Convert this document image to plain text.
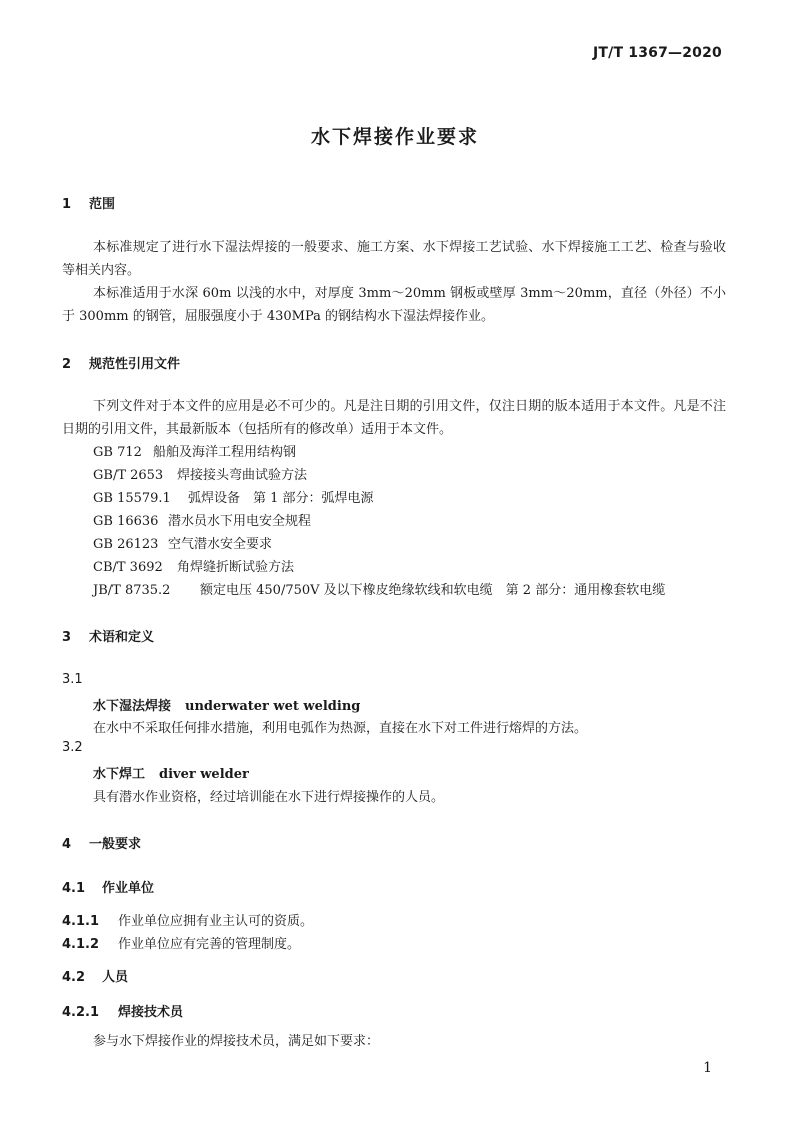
JT/T 1367—2020
水下焊接作业要求
1 范围
本标准规定了进行水下湿法焊接的一般要求、施工方案、水下焊接工艺试验、水下焊接施工工艺、检查与验收等相关内容。
本标准适用于水深 60m 以浅的水中，对厚度 3mm～20mm 钢板或壁厚 3mm～20mm，直径（外径）不小于 300mm 的钢管，屈服强度小于 430MPa 的钢结构水下湿法焊接作业。
2 规范性引用文件
下列文件对于本文件的应用是必不可少的。凡是注日期的引用文件，仅注日期的版本适用于本文件。凡是不注日期的引用文件，其最新版本（包括所有的修改单）适用于本文件。
GB 712 船舶及海洋工程用结构钢
GB/T 2653 焊接接头弯曲试验方法
GB 15579.1 弧焊设备　第 1 部分：弧焊电源
GB 16636 潜水员水下用电安全规程
GB 26123 空气潜水安全要求
CB/T 3692 角焊缝折断试验方法
JB/T 8735.2 额定电压 450/750V 及以下橡皮绝缘软线和软电缆　第 2 部分：通用橡套软电缆
3 术语和定义
3.1
水下湿法焊接 underwater wet welding
在水中不采取任何排水措施，利用电弧作为热源，直接在水下对工件进行熔焊的方法。
3.2
水下焊工 diver welder
具有潜水作业资格，经过培训能在水下进行焊接操作的人员。
4 一般要求
4.1 作业单位
4.1.1 作业单位应拥有业主认可的资质。
4.1.2 作业单位应有完善的管理制度。
4.2 人员
4.2.1 焊接技术员
参与水下焊接作业的焊接技术员，满足如下要求：
1
